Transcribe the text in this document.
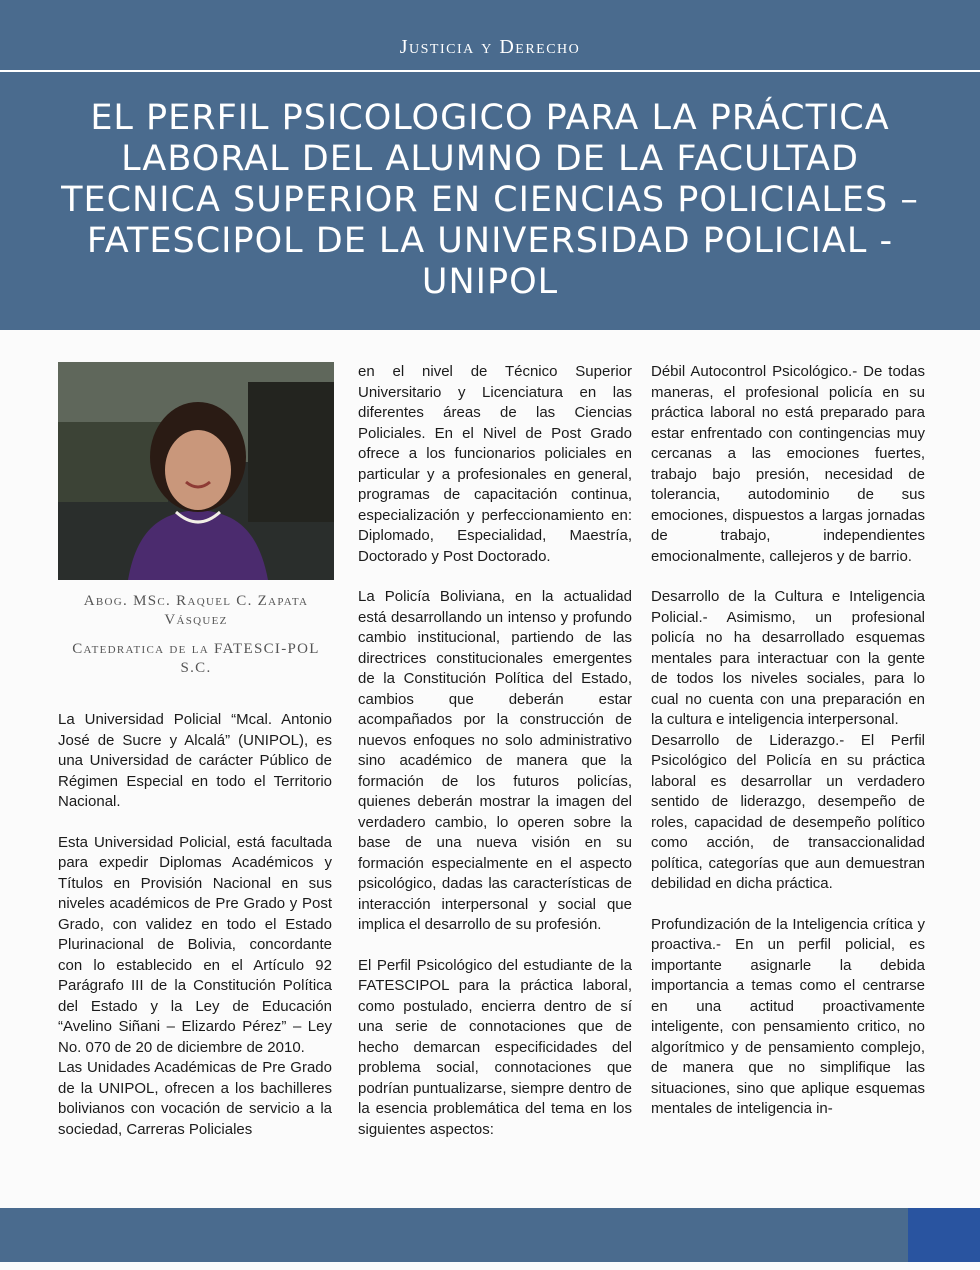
Justicia y Derecho
EL PERFIL PSICOLOGICO PARA LA PRÁCTICA LABORAL DEL ALUMNO DE LA FACULTAD TECNICA SUPERIOR EN CIENCIAS POLICIALES – FATESCIPOL DE LA UNIVERSIDAD POLICIAL - UNIPOL

Abog. MSc. Raquel C. Zapata Vásquez

Catedratica de la FATESCI-POL S.C.

La Universidad Policial “Mcal. Antonio José de Sucre y Alcalá” (UNIPOL), es una Universidad de carácter Público de Régimen Especial en todo el Territorio Nacional.

Esta Universidad Policial, está facultada para expedir Diplomas Académicos y Títulos en Provisión Nacional en sus niveles académicos de Pre Grado y Post Grado, con validez en todo el Estado Plurinacional de Bolivia, concordante con lo establecido en el Artículo 92 Parágrafo III de la Constitución Política del Estado y la Ley de Educación “Avelino Siñani – Elizardo Pérez” – Ley No. 070 de 20 de diciembre de 2010.

Las Unidades Académicas de Pre Grado de la UNIPOL, ofrecen a los bachilleres bolivianos con vocación de servicio a la sociedad, Carreras Policiales

en el nivel de Técnico Superior Universitario y Licenciatura en las diferentes áreas de las Ciencias Policiales. En el Nivel de Post Grado ofrece a los funcionarios policiales en particular y a profesionales en general, programas de capacitación continua, especialización y perfeccionamiento en: Diplomado, Especialidad, Maestría, Doctorado y Post Doctorado.

La Policía Boliviana, en la actualidad está desarrollando un intenso y profundo cambio institucional, partiendo de las directrices constitucionales emergentes de la Constitución Política del Estado, cambios que deberán estar acompañados por la construcción de nuevos enfoques no solo administrativo sino académico de manera que la formación de los futuros policías, quienes deberán mostrar la imagen del verdadero cambio, lo operen sobre la base de una nueva visión en su formación especialmente en el aspecto psicológico, dadas las características de interacción interpersonal y social que implica el desarrollo de su profesión.

El Perfil Psicológico del estudiante de la FATESCIPOL para la práctica laboral, como postulado, encierra dentro de sí una serie de connotaciones que de hecho demarcan especificidades del problema social, connotaciones que podrían puntualizarse, siempre dentro de la esencia problemática del tema en los siguientes aspectos:

Débil Autocontrol Psicológico.- De todas maneras, el profesional policía en su práctica laboral no está preparado para estar enfrentado con contingencias muy cercanas a las emociones fuertes, trabajo bajo presión, necesidad de tolerancia, autodominio de sus emociones, dispuestos a largas jornadas de trabajo, independientes emocionalmente, callejeros y de barrio.

Desarrollo de la Cultura e Inteligencia Policial.- Asimismo, un profesional policía no ha desarrollado esquemas mentales para interactuar con la gente de todos los niveles sociales, para lo cual no cuenta con una preparación en la cultura e inteligencia interpersonal.

Desarrollo de Liderazgo.- El Perfil Psicológico del Policía en su práctica laboral es desarrollar un verdadero sentido de liderazgo, desempeño de roles, capacidad de desempeño político como acción, de transaccionalidad política, categorías que aun demuestran debilidad en dicha práctica.

Profundización de la Inteligencia crítica y proactiva.- En un perfil policial, es importante asignarle la debida importancia a temas como el centrarse en una actitud proactivamente inteligente, con pensamiento critico, no algorítmico y de pensamiento complejo, de manera que no simplifique las situaciones, sino que aplique esquemas mentales de inteligencia in-
